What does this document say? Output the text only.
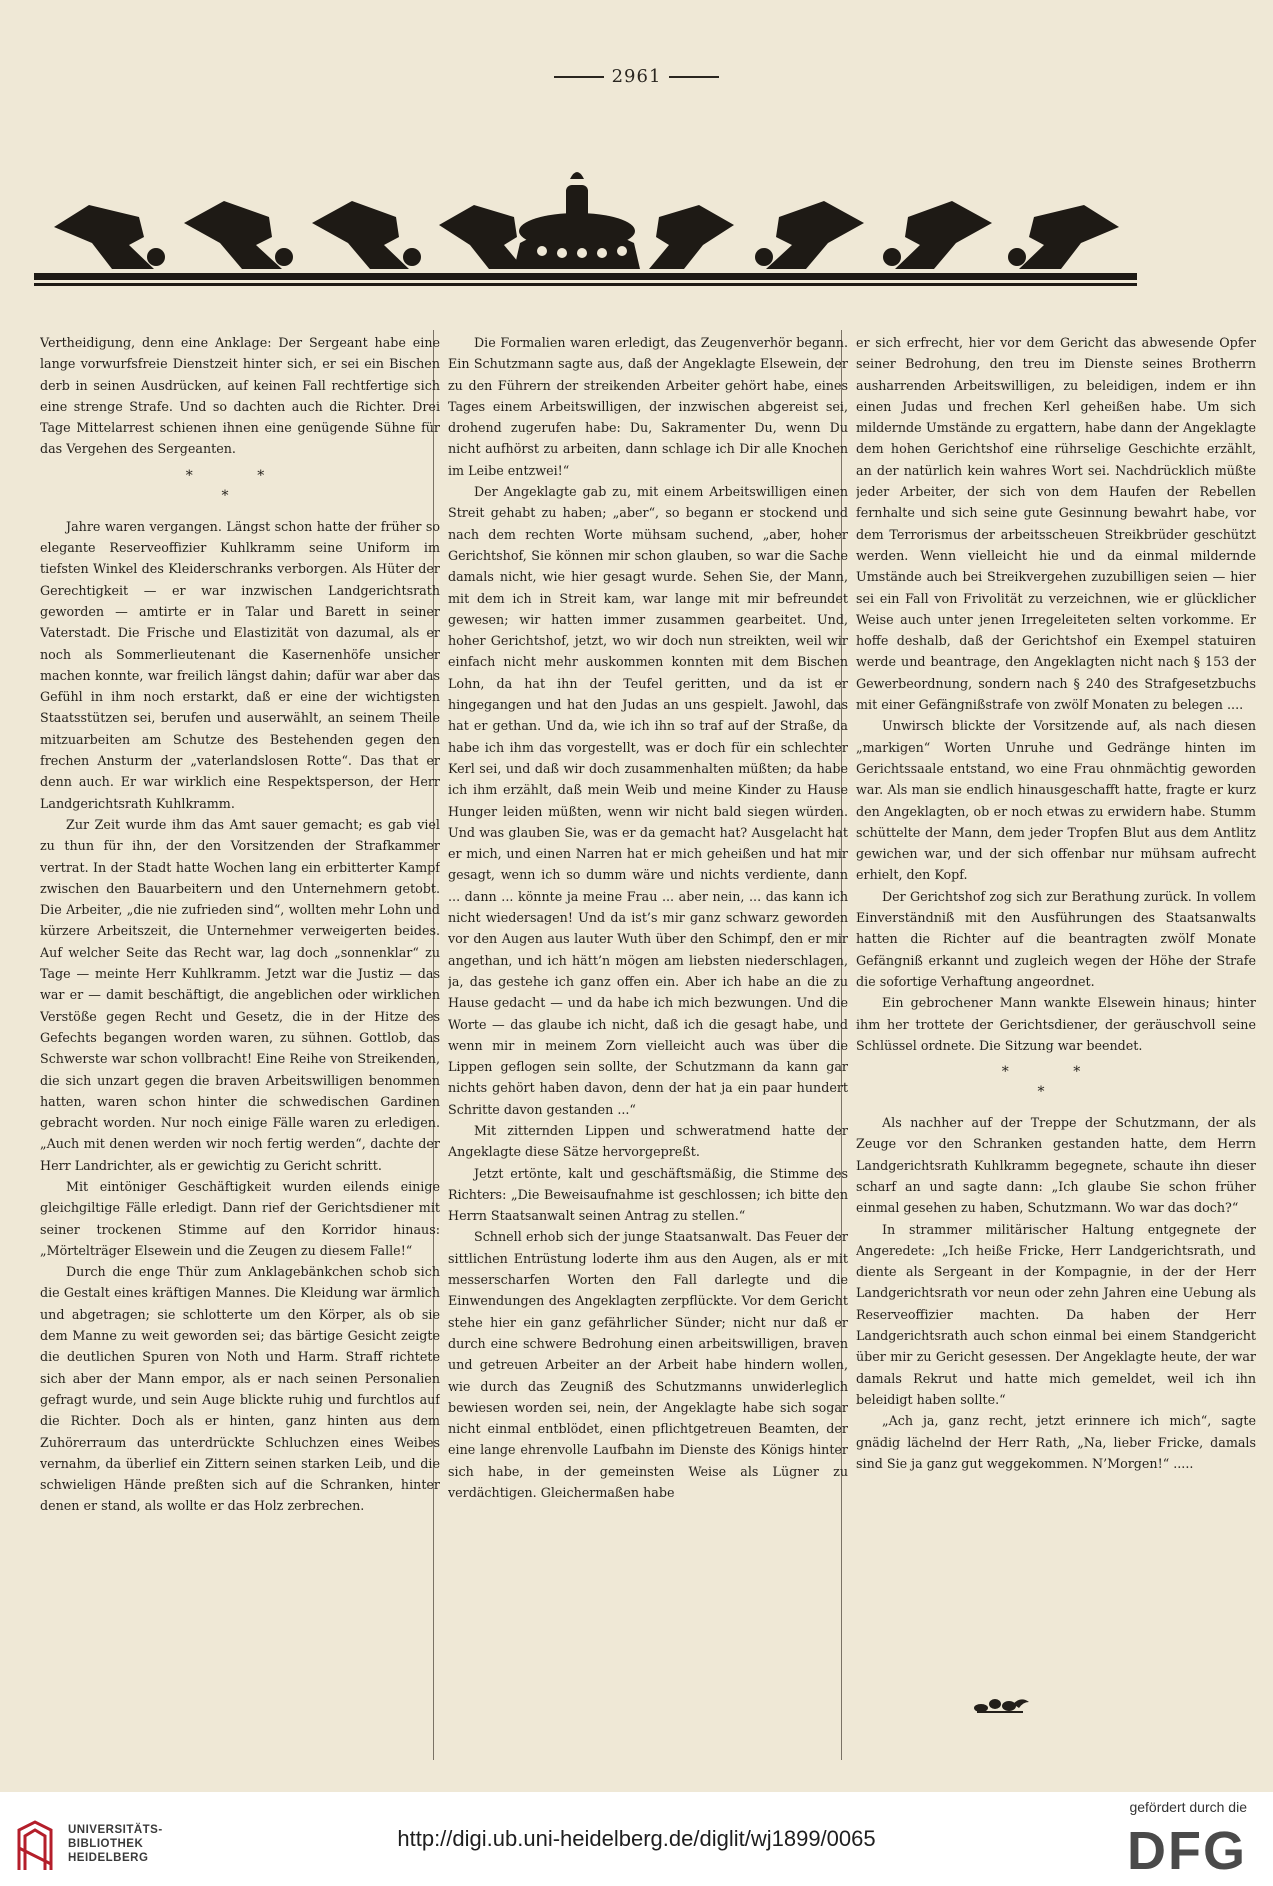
2961

Vertheidigung, denn eine Anklage: Der Sergeant habe eine lange vorwurfsfreie Dienstzeit hinter sich, er sei ein Bischen derb in seinen Ausdrücken, auf keinen Fall rechtfertige sich eine strenge Strafe. Und so dachten auch die Richter. Drei Tage Mittelarrest schienen ihnen eine genügende Sühne für das Vergehen des Sergeanten.

* *
*

Jahre waren vergangen. Längst schon hatte der früher so elegante Reserveoffizier Kuhlkramm seine Uniform im tiefsten Winkel des Kleiderschranks verborgen. Als Hüter der Gerechtigkeit — er war inzwischen Landgerichtsrath geworden — amtirte er in Talar und Barett in seiner Vaterstadt. Die Frische und Elastizität von dazumal, als er noch als Sommerlieutenant die Kasernenhöfe unsicher machen konnte, war freilich längst dahin; dafür war aber das Gefühl in ihm noch erstarkt, daß er eine der wichtigsten Staatsstützen sei, berufen und auserwählt, an seinem Theile mitzuarbeiten am Schutze des Bestehenden gegen den frechen Ansturm der „vaterlandslosen Rotte“. Das that er denn auch. Er war wirklich eine Respektsperson, der Herr Landgerichtsrath Kuhlkramm.

Zur Zeit wurde ihm das Amt sauer gemacht; es gab viel zu thun für ihn, der den Vorsitzenden der Strafkammer vertrat. In der Stadt hatte Wochen lang ein erbitterter Kampf zwischen den Bauarbeitern und den Unternehmern getobt. Die Arbeiter, „die nie zufrieden sind“, wollten mehr Lohn und kürzere Arbeitszeit, die Unternehmer verweigerten beides. Auf welcher Seite das Recht war, lag doch „sonnenklar“ zu Tage — meinte Herr Kuhlkramm. Jetzt war die Justiz — das war er — damit beschäftigt, die angeblichen oder wirklichen Verstöße gegen Recht und Gesetz, die in der Hitze des Gefechts begangen worden waren, zu sühnen. Gottlob, das Schwerste war schon vollbracht! Eine Reihe von Streikenden, die sich unzart gegen die braven Arbeitswilligen benommen hatten, waren schon hinter die schwedischen Gardinen gebracht worden. Nur noch einige Fälle waren zu erledigen. „Auch mit denen werden wir noch fertig werden“, dachte der Herr Landrichter, als er gewichtig zu Gericht schritt.

Mit eintöniger Geschäftigkeit wurden eilends einige gleichgiltige Fälle erledigt. Dann rief der Gerichtsdiener mit seiner trockenen Stimme auf den Korridor hinaus: „Mörtelträger Elsewein und die Zeugen zu diesem Falle!“

Durch die enge Thür zum Anklagebänkchen schob sich die Gestalt eines kräftigen Mannes. Die Kleidung war ärmlich und abgetragen; sie schlotterte um den Körper, als ob sie dem Manne zu weit geworden sei; das bärtige Gesicht zeigte die deutlichen Spuren von Noth und Harm. Straff richtete sich aber der Mann empor, als er nach seinen Personalien gefragt wurde, und sein Auge blickte ruhig und furchtlos auf die Richter. Doch als er hinten, ganz hinten aus dem Zuhörerraum das unterdrückte Schluchzen eines Weibes vernahm, da überlief ein Zittern seinen starken Leib, und die schwieligen Hände preßten sich auf die Schranken, hinter denen er stand, als wollte er das Holz zerbrechen.

Die Formalien waren erledigt, das Zeugenverhör begann. Ein Schutzmann sagte aus, daß der Angeklagte Elsewein, der zu den Führern der streikenden Arbeiter gehört habe, eines Tages einem Arbeitswilligen, der inzwischen abgereist sei, drohend zugerufen habe: Du, Sakramenter Du, wenn Du nicht aufhörst zu arbeiten, dann schlage ich Dir alle Knochen im Leibe entzwei!“

Der Angeklagte gab zu, mit einem Arbeitswilligen einen Streit gehabt zu haben; „aber“, so begann er stockend und nach dem rechten Worte mühsam suchend, „aber, hoher Gerichtshof, Sie können mir schon glauben, so war die Sache damals nicht, wie hier gesagt wurde. Sehen Sie, der Mann, mit dem ich in Streit kam, war lange mit mir befreundet gewesen; wir hatten immer zusammen gearbeitet. Und, hoher Gerichtshof, jetzt, wo wir doch nun streikten, weil wir einfach nicht mehr auskommen konnten mit dem Bischen Lohn, da hat ihn der Teufel geritten, und da ist er hingegangen und hat den Judas an uns gespielt. Jawohl, das hat er gethan. Und da, wie ich ihn so traf auf der Straße, da habe ich ihm das vorgestellt, was er doch für ein schlechter Kerl sei, und daß wir doch zusammenhalten müßten; da habe ich ihm erzählt, daß mein Weib und meine Kinder zu Hause Hunger leiden müßten, wenn wir nicht bald siegen würden. Und was glauben Sie, was er da gemacht hat? Ausgelacht hat er mich, und einen Narren hat er mich geheißen und hat mir gesagt, wenn ich so dumm wäre und nichts verdiente, dann ... dann ... könnte ja meine Frau ... aber nein, ... das kann ich nicht wiedersagen! Und da ist’s mir ganz schwarz geworden vor den Augen aus lauter Wuth über den Schimpf, den er mir angethan, und ich hätt’n mögen am liebsten niederschlagen, ja, das gestehe ich ganz offen ein. Aber ich habe an die zu Hause gedacht — und da habe ich mich bezwungen. Und die Worte — das glaube ich nicht, daß ich die gesagt habe, und wenn mir in meinem Zorn vielleicht auch was über die Lippen geflogen sein sollte, der Schutzmann da kann gar nichts gehört haben davon, denn der hat ja ein paar hundert Schritte davon gestanden ...“

Mit zitternden Lippen und schweratmend hatte der Angeklagte diese Sätze hervorgepreßt.

Jetzt ertönte, kalt und geschäftsmäßig, die Stimme des Richters: „Die Beweisaufnahme ist geschlossen; ich bitte den Herrn Staatsanwalt seinen Antrag zu stellen.“

Schnell erhob sich der junge Staatsanwalt. Das Feuer der sittlichen Entrüstung loderte ihm aus den Augen, als er mit messerscharfen Worten den Fall darlegte und die Einwendungen des Angeklagten zerpflückte. Vor dem Gericht stehe hier ein ganz gefährlicher Sünder; nicht nur daß er durch eine schwere Bedrohung einen arbeitswilligen, braven und getreuen Arbeiter an der Arbeit habe hindern wollen, wie durch das Zeugniß des Schutzmanns unwiderleglich bewiesen worden sei, nein, der Angeklagte habe sich sogar nicht einmal entblödet, einen pflichtgetreuen Beamten, der eine lange ehrenvolle Laufbahn im Dienste des Königs hinter sich habe, in der gemeinsten Weise als Lügner zu verdächtigen. Gleichermaßen habe

er sich erfrecht, hier vor dem Gericht das abwesende Opfer seiner Bedrohung, den treu im Dienste seines Brotherrn ausharrenden Arbeitswilligen, zu beleidigen, indem er ihn einen Judas und frechen Kerl geheißen habe. Um sich mildernde Umstände zu ergattern, habe dann der Angeklagte dem hohen Gerichtshof eine rührselige Geschichte erzählt, an der natürlich kein wahres Wort sei. Nachdrücklich müßte jeder Arbeiter, der sich von dem Haufen der Rebellen fernhalte und sich seine gute Gesinnung bewahrt habe, vor dem Terrorismus der arbeitsscheuen Streikbrüder geschützt werden. Wenn vielleicht hie und da einmal mildernde Umstände auch bei Streikvergehen zuzubilligen seien — hier sei ein Fall von Frivolität zu verzeichnen, wie er glücklicher Weise auch unter jenen Irregeleiteten selten vorkomme. Er hoffe deshalb, daß der Gerichtshof ein Exempel statuiren werde und beantrage, den Angeklagten nicht nach § 153 der Gewerbeordnung, sondern nach § 240 des Strafgesetzbuchs mit einer Gefängnißstrafe von zwölf Monaten zu belegen ....

Unwirsch blickte der Vorsitzende auf, als nach diesen „markigen“ Worten Unruhe und Gedränge hinten im Gerichtssaale entstand, wo eine Frau ohnmächtig geworden war. Als man sie endlich hinausgeschafft hatte, fragte er kurz den Angeklagten, ob er noch etwas zu erwidern habe. Stumm schüttelte der Mann, dem jeder Tropfen Blut aus dem Antlitz gewichen war, und der sich offenbar nur mühsam aufrecht erhielt, den Kopf.

Der Gerichtshof zog sich zur Berathung zurück. In vollem Einverständniß mit den Ausführungen des Staatsanwalts hatten die Richter auf die beantragten zwölf Monate Gefängniß erkannt und zugleich wegen der Höhe der Strafe die sofortige Verhaftung angeordnet.

Ein gebrochener Mann wankte Elsewein hinaus; hinter ihm her trottete der Gerichtsdiener, der geräuschvoll seine Schlüssel ordnete. Die Sitzung war beendet.

* *
*

Als nachher auf der Treppe der Schutzmann, der als Zeuge vor den Schranken gestanden hatte, dem Herrn Landgerichtsrath Kuhlkramm begegnete, schaute ihn dieser scharf an und sagte dann: „Ich glaube Sie schon früher einmal gesehen zu haben, Schutzmann. Wo war das doch?“

In strammer militärischer Haltung entgegnete der Angeredete: „Ich heiße Fricke, Herr Landgerichtsrath, und diente als Sergeant in der Kompagnie, in der der Herr Landgerichtsrath vor neun oder zehn Jahren eine Uebung als Reserveoffizier machten. Da haben der Herr Landgerichtsrath auch schon einmal bei einem Standgericht über mir zu Gericht gesessen. Der Angeklagte heute, der war damals Rekrut und hatte mich gemeldet, weil ich ihn beleidigt haben sollte.“

„Ach ja, ganz recht, jetzt erinnere ich mich“, sagte gnädig lächelnd der Herr Rath, „Na, lieber Fricke, damals sind Sie ja ganz gut weggekommen. N’Morgen!“ .....

UNIVERSITÄTS-
BIBLIOTHEK
HEIDELBERG
http://digi.ub.uni-heidelberg.de/diglit/wj1899/0065
gefördert durch die
DFG
